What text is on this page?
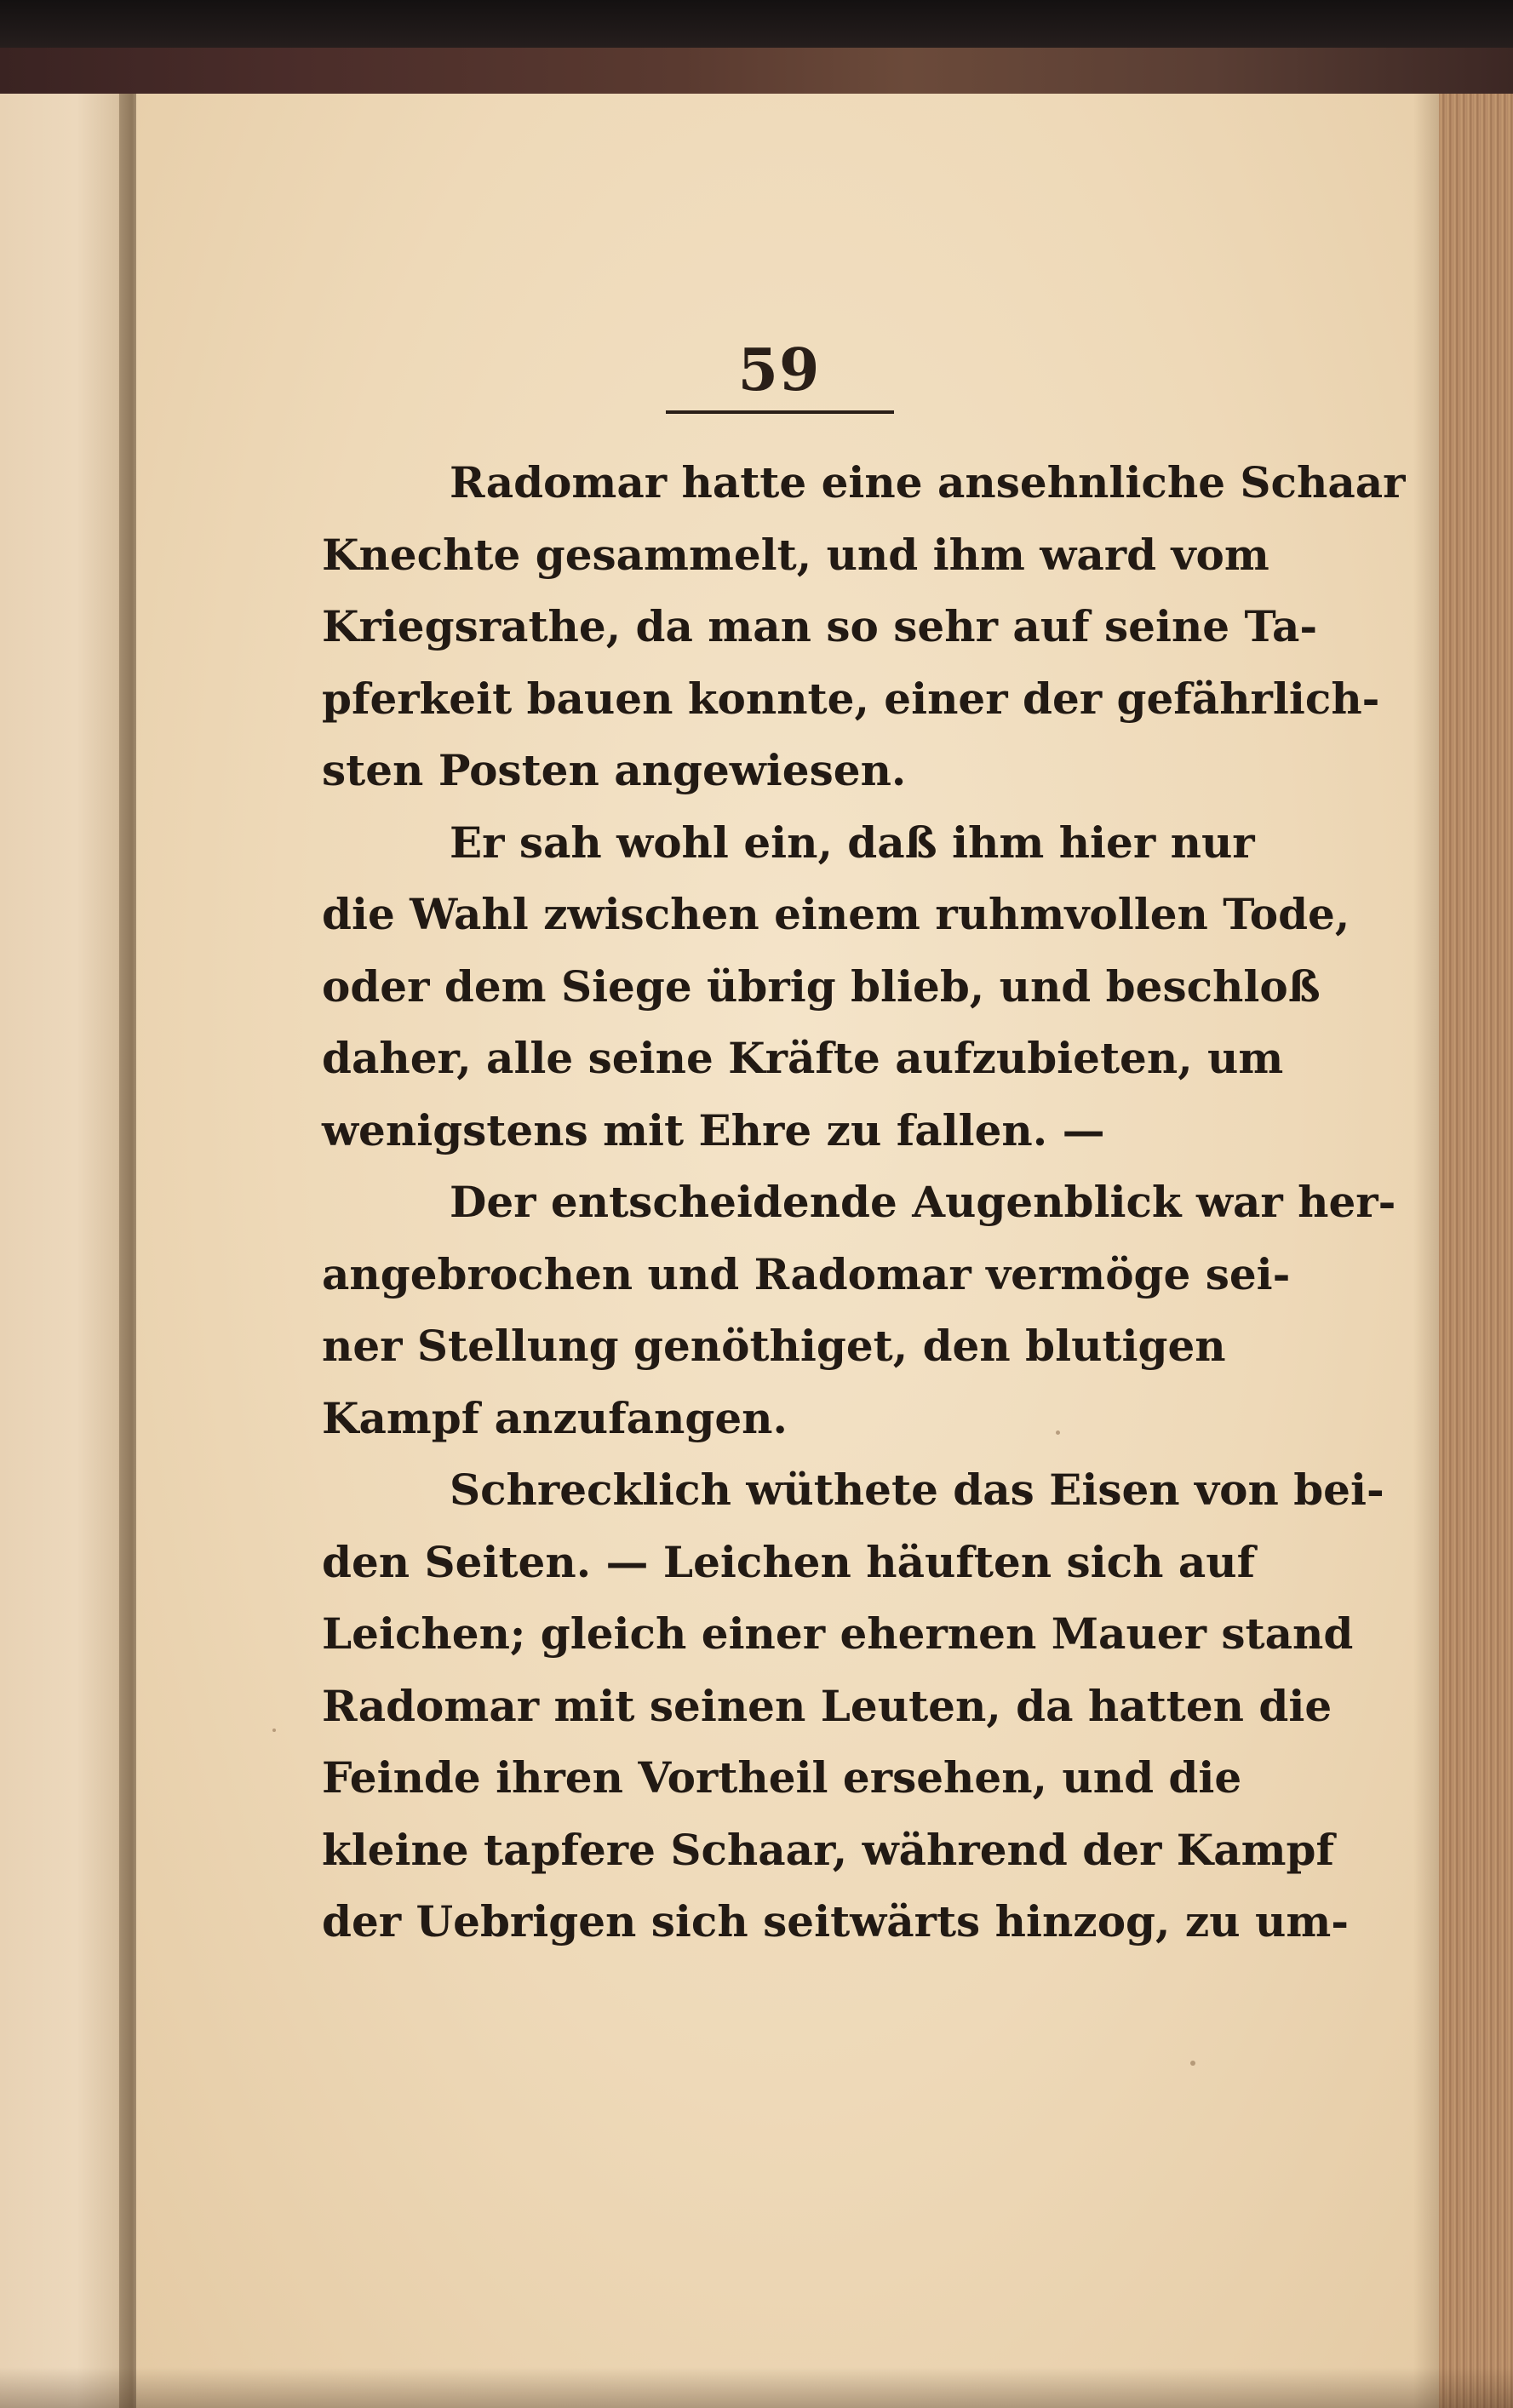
59
Radomar hatte eine ansehnliche Schaar
Knechte gesammelt, und ihm ward vom
Kriegsrathe, da man so sehr auf seine Ta-
pferkeit bauen konnte, einer der gefährlich-
sten Posten angewiesen.
Er sah wohl ein, daß ihm hier nur
die Wahl zwischen einem ruhmvollen Tode,
oder dem Siege übrig blieb, und beschloß
daher, alle seine Kräfte aufzubieten, um
wenigstens mit Ehre zu fallen. —
Der entscheidende Augenblick war her-
angebrochen und Radomar vermöge sei-
ner Stellung genöthiget, den blutigen
Kampf anzufangen.
Schrecklich wüthete das Eisen von bei-
den Seiten. — Leichen häuften sich auf
Leichen; gleich einer ehernen Mauer stand
Radomar mit seinen Leuten, da hatten die
Feinde ihren Vortheil ersehen, und die
kleine tapfere Schaar, während der Kampf
der Uebrigen sich seitwärts hinzog, zu um-
